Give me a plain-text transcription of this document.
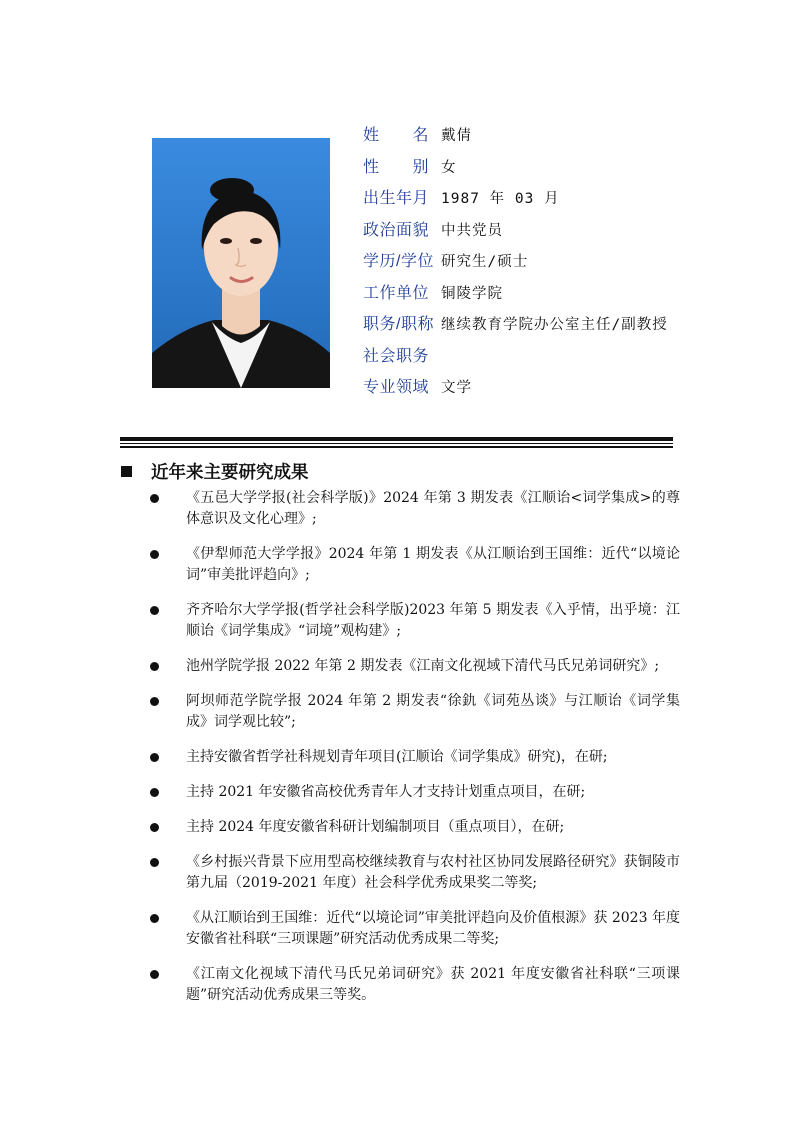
姓　　名 戴倩
性　　别 女
出生年月 1987 年 03 月
政治面貌 中共党员
学历/学位 研究生/硕士
工作单位 铜陵学院
职务/职称 继续教育学院办公室主任/副教授
社会职务
专业领域 文学
近年来主要研究成果
《五邑大学学报(社会科学版)》2024 年第 3 期发表《江顺诒<词学集成>的尊体意识及文化心理》;
《伊犁师范大学学报》2024 年第 1 期发表《从江顺诒到王国维：近代“以境论词”审美批评趋向》;
齐齐哈尔大学学报(哲学社会科学版)2023 年第 5 期发表《入乎情，出乎境：江顺诒《词学集成》“词境”观构建》;
池州学院学报 2022 年第 2 期发表《江南文化视域下清代马氏兄弟词研究》;
阿坝师范学院学报 2024 年第 2 期发表“徐釚《词苑丛谈》与江顺诒《词学集成》词学观比较”;
主持安徽省哲学社科规划青年项目(江顺诒《词学集成》研究)，在研;
主持 2021 年安徽省高校优秀青年人才支持计划重点项目，在研;
主持 2024 年度安徽省科研计划编制项目（重点项目），在研;
《乡村振兴背景下应用型高校继续教育与农村社区协同发展路径研究》获铜陵市第九届（2019-2021 年度）社会科学优秀成果奖二等奖;
《从江顺诒到王国维：近代“以境论词”审美批评趋向及价值根源》获 2023 年度安徽省社科联“三项课题”研究活动优秀成果二等奖;
《江南文化视域下清代马氏兄弟词研究》获 2021 年度安徽省社科联“三项课题”研究活动优秀成果三等奖。
